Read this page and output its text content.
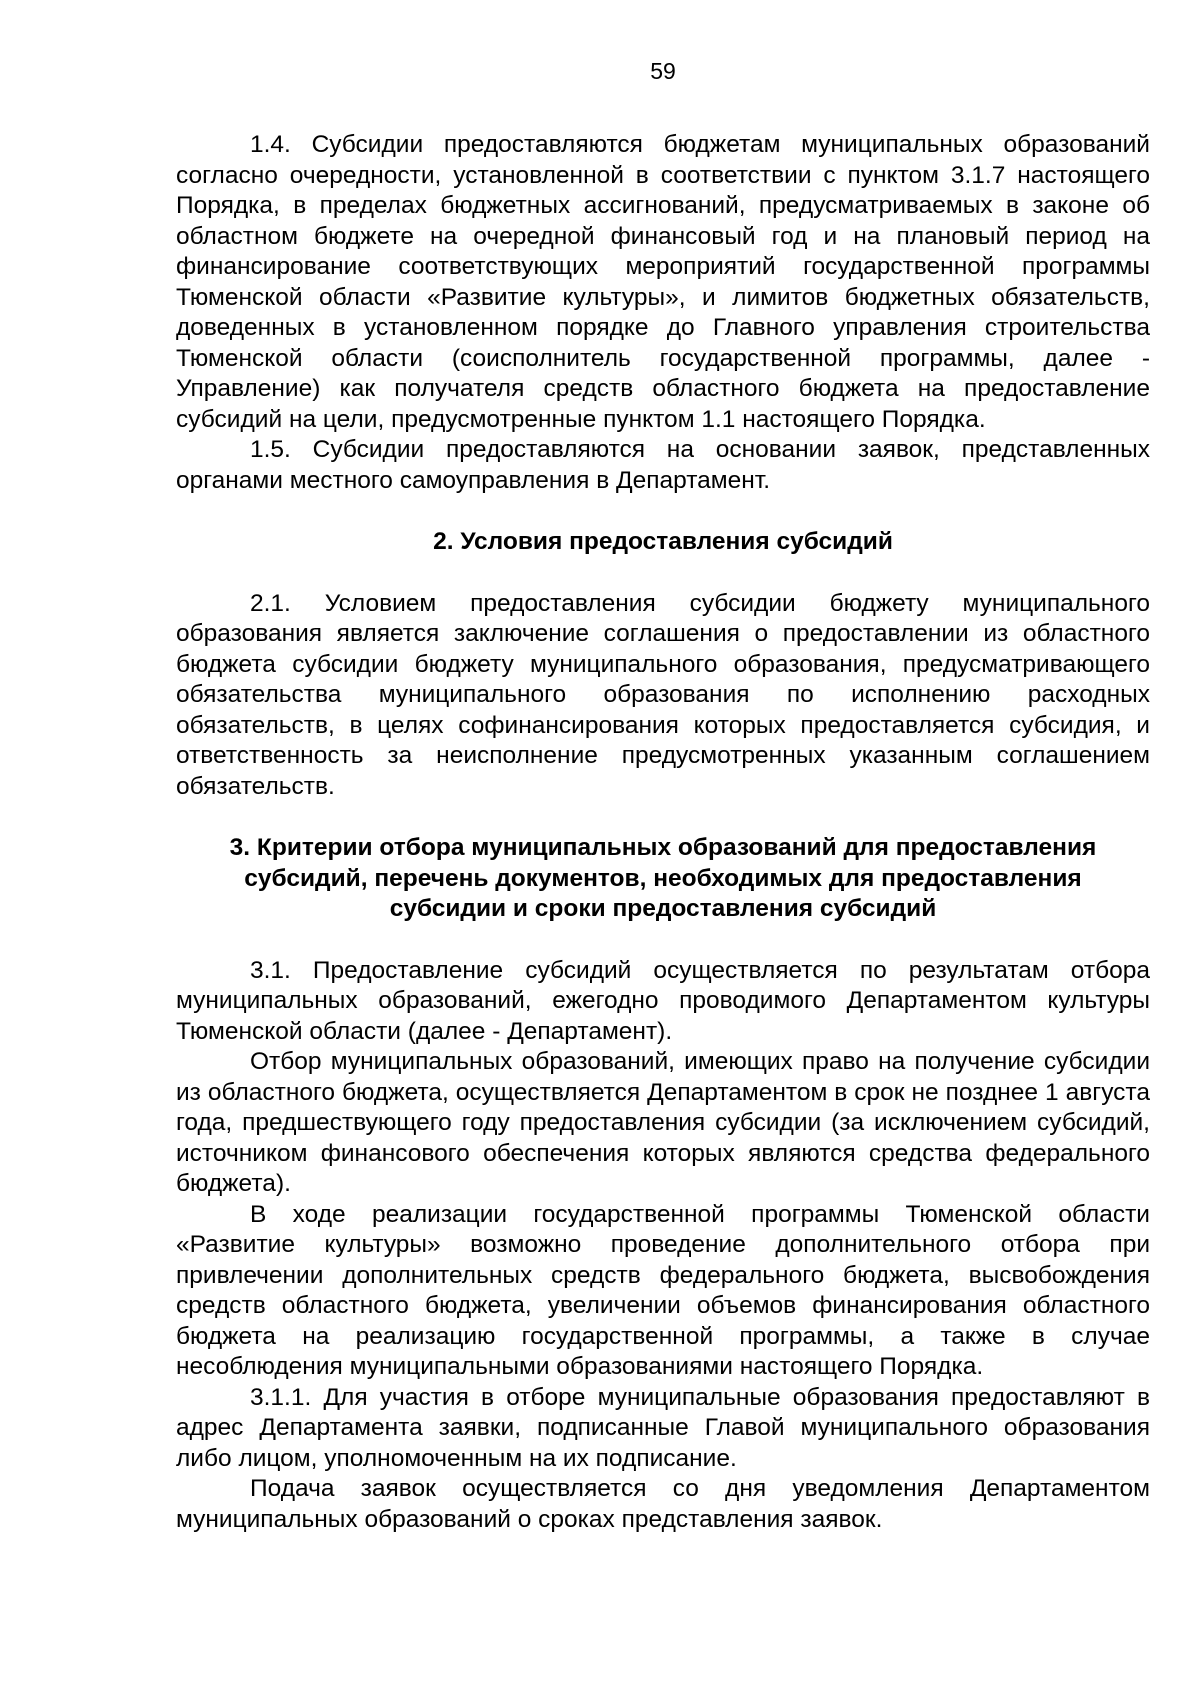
59

1.4. Субсидии предоставляются бюджетам муниципальных образований согласно очередности, установленной в соответствии с пунктом 3.1.7 настоящего Порядка, в пределах бюджетных ассигнований, предусматриваемых в законе об областном бюджете на очередной финансовый год и на плановый период на финансирование соответствующих мероприятий государственной программы Тюменской области «Развитие культуры», и лимитов бюджетных обязательств, доведенных в установленном порядке до Главного управления строительства Тюменской области (соисполнитель государственной программы, далее - Управление) как получателя средств областного бюджета на предоставление субсидий на цели, предусмотренные пунктом 1.1 настоящего Порядка.

1.5. Субсидии предоставляются на основании заявок, представленных органами местного самоуправления в Департамент.

2. Условия предоставления субсидий

2.1. Условием предоставления субсидии бюджету муниципального образования является заключение соглашения о предоставлении из областного бюджета субсидии бюджету муниципального образования, предусматривающего обязательства муниципального образования по исполнению расходных обязательств, в целях софинансирования которых предоставляется субсидия, и ответственность за неисполнение предусмотренных указанным соглашением обязательств.

3. Критерии отбора муниципальных образований для предоставления

субсидий, перечень документов, необходимых для предоставления

субсидии и сроки предоставления субсидий

3.1. Предоставление субсидий осуществляется по результатам отбора муниципальных образований, ежегодно проводимого Департаментом культуры Тюменской области (далее - Департамент).

Отбор муниципальных образований, имеющих право на получение субсидии из областного бюджета, осуществляется Департаментом в срок не позднее 1 августа года, предшествующего году предоставления субсидии (за исключением субсидий, источником финансового обеспечения которых являются средства федерального бюджета).

В ходе реализации государственной программы Тюменской области «Развитие культуры» возможно проведение дополнительного отбора при привлечении дополнительных средств федерального бюджета, высвобождения средств областного бюджета, увеличении объемов финансирования областного бюджета на реализацию государственной программы, а также в случае несоблюдения муниципальными образованиями настоящего Порядка.

3.1.1. Для участия в отборе муниципальные образования предоставляют в адрес Департамента заявки, подписанные Главой муниципального образования либо лицом, уполномоченным на их подписание.

Подача заявок осуществляется со дня уведомления Департаментом муниципальных образований о сроках представления заявок.
